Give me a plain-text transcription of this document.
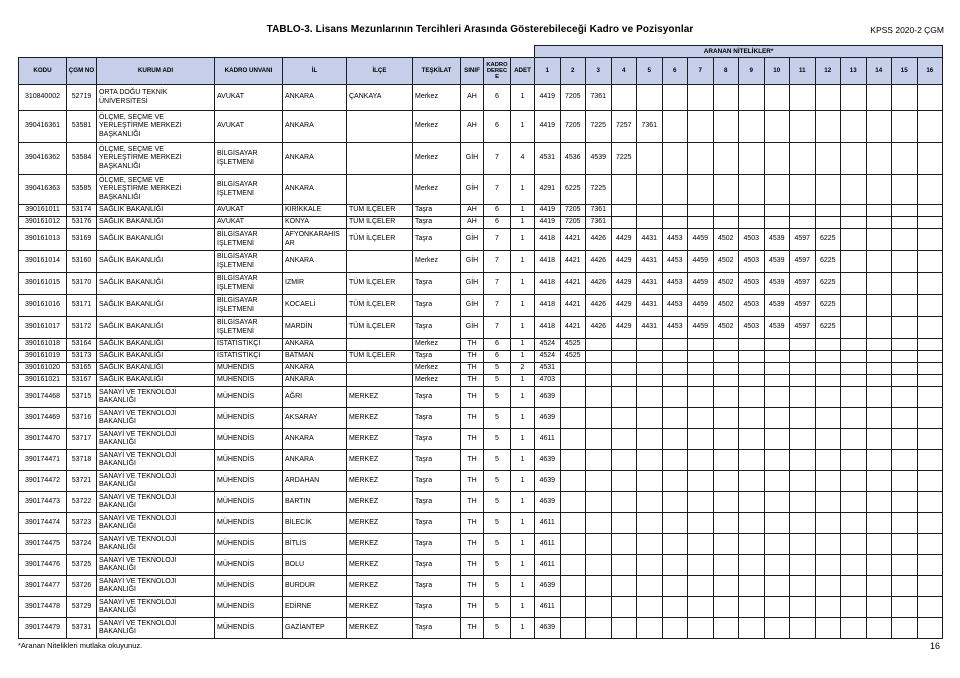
TABLO-3. Lisans Mezunlarının Tercihleri Arasında Gösterebileceği Kadro ve Pozisyonlar	KPSS 2020-2 ÇGM
										ARANAN NİTELİKLER*															
KODU	ÇGM NO	KURUM ADI	KADRO UNVANI	İL	İLÇE	TEŞKİLAT	SINIF	KADRO DERECE	ADET	1	2	3	4	5	6	7	8	9	10	11	12	13	14	15	16
310840002	52719	ORTA DOĞU TEKNİK ÜNİVERSİTESİ	AVUKAT	ANKARA	ÇANKAYA	Merkez	AH	6	1	4419	7205	7361													
390416361	53581	ÖLÇME, SEÇME VE YERLEŞTİRME MERKEZİ BAŞKANLIĞI	AVUKAT	ANKARA		Merkez	AH	6	1	4419	7205	7225	7257	7361											
390416362	53584	ÖLÇME, SEÇME VE YERLEŞTİRME MERKEZİ BAŞKANLIĞI	BİLGİSAYAR İŞLETMENİ	ANKARA		Merkez	GİH	7	4	4531	4536	4539	7225												
390416363	53585	ÖLÇME, SEÇME VE YERLEŞTİRME MERKEZİ BAŞKANLIĞI	BİLGİSAYAR İŞLETMENİ	ANKARA		Merkez	GİH	7	1	4291	6225	7225													
390161011	53174	SAĞLIK BAKANLIĞI	AVUKAT	KIRIKKALE	TÜM İLÇELER	Taşra	AH	6	1	4419	7205	7361													
390161012	53176	SAĞLIK BAKANLIĞI	AVUKAT	KONYA	TÜM İLÇELER	Taşra	AH	6	1	4419	7205	7361													
390161013	53169	SAĞLIK BAKANLIĞI	BİLGİSAYAR İŞLETMENİ	AFYONKARAHİSAR	TÜM İLÇELER	Taşra	GİH	7	1	4418	4421	4426	4429	4431	4453	4459	4502	4503	4539	4597	6225				
390161014	53160	SAĞLIK BAKANLIĞI	BİLGİSAYAR İŞLETMENİ	ANKARA		Merkez	GİH	7	1	4418	4421	4426	4429	4431	4453	4459	4502	4503	4539	4597	6225				
390161015	53170	SAĞLIK BAKANLIĞI	BİLGİSAYAR İŞLETMENİ	İZMİR	TÜM İLÇELER	Taşra	GİH	7	1	4418	4421	4426	4429	4431	4453	4459	4502	4503	4539	4597	6225				
390161016	53171	SAĞLIK BAKANLIĞI	BİLGİSAYAR İŞLETMENİ	KOCAELİ	TÜM İLÇELER	Taşra	GİH	7	1	4418	4421	4426	4429	4431	4453	4459	4502	4503	4539	4597	6225				
390161017	53172	SAĞLIK BAKANLIĞI	BİLGİSAYAR İŞLETMENİ	MARDİN	TÜM İLÇELER	Taşra	GİH	7	1	4418	4421	4426	4429	4431	4453	4459	4502	4503	4539	4597	6225				
390161018	53164	SAĞLIK BAKANLIĞI	İSTATİSTİKÇİ	ANKARA		Merkez	TH	6	1	4524	4525														
390161019	53173	SAĞLIK BAKANLIĞI	İSTATİSTİKÇİ	BATMAN	TÜM İLÇELER	Taşra	TH	6	1	4524	4525														
390161020	53165	SAĞLIK BAKANLIĞI	MÜHENDİS	ANKARA		Merkez	TH	5	2	4531															
390161021	53167	SAĞLIK BAKANLIĞI	MÜHENDİS	ANKARA		Merkez	TH	5	1	4703															
390174468	53715	SANAYİ VE TEKNOLOJİ BAKANLIĞI	MÜHENDİS	AĞRI	MERKEZ	Taşra	TH	5	1	4639															
390174469	53716	SANAYİ VE TEKNOLOJİ BAKANLIĞI	MÜHENDİS	AKSARAY	MERKEZ	Taşra	TH	5	1	4639															
390174470	53717	SANAYİ VE TEKNOLOJİ BAKANLIĞI	MÜHENDİS	ANKARA	MERKEZ	Taşra	TH	5	1	4611															
390174471	53718	SANAYİ VE TEKNOLOJİ BAKANLIĞI	MÜHENDİS	ANKARA	MERKEZ	Taşra	TH	5	1	4639															
390174472	53721	SANAYİ VE TEKNOLOJİ BAKANLIĞI	MÜHENDİS	ARDAHAN	MERKEZ	Taşra	TH	5	1	4639															
390174473	53722	SANAYİ VE TEKNOLOJİ BAKANLIĞI	MÜHENDİS	BARTIN	MERKEZ	Taşra	TH	5	1	4639															
390174474	53723	SANAYİ VE TEKNOLOJİ BAKANLIĞI	MÜHENDİS	BİLECİK	MERKEZ	Taşra	TH	5	1	4611															
390174475	53724	SANAYİ VE TEKNOLOJİ BAKANLIĞI	MÜHENDİS	BİTLİS	MERKEZ	Taşra	TH	5	1	4611															
390174476	53725	SANAYİ VE TEKNOLOJİ BAKANLIĞI	MÜHENDİS	BOLU	MERKEZ	Taşra	TH	5	1	4611															
390174477	53726	SANAYİ VE TEKNOLOJİ BAKANLIĞI	MÜHENDİS	BURDUR	MERKEZ	Taşra	TH	5	1	4639															
390174478	53729	SANAYİ VE TEKNOLOJİ BAKANLIĞI	MÜHENDİS	EDİRNE	MERKEZ	Taşra	TH	5	1	4611															
390174479	53731	SANAYİ VE TEKNOLOJİ BAKANLIĞI	MÜHENDİS	GAZİANTEP	MERKEZ	Taşra	TH	5	1	4639															
*Aranan Nitelikleri mutlaka okuyunuz.	16
